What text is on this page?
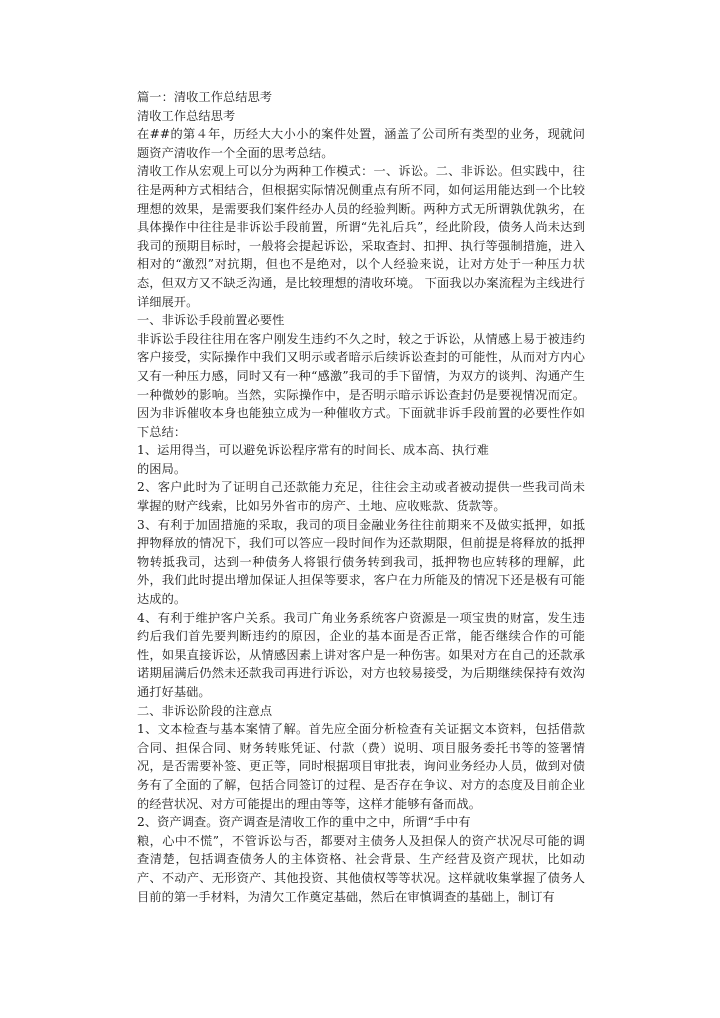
篇一：清收工作总结思考

清收工作总结思考

在##的第４年，历经大大小小的案件处置，涵盖了公司所有类型的业务，现就问题资产清收作一个全面的思考总结。

清收工作从宏观上可以分为两种工作模式：一、诉讼。二、非诉讼。但实践中，往往是两种方式相结合，但根据实际情况侧重点有所不同，如何运用能达到一个比较理想的效果，是需要我们案件经办人员的经验判断。两种方式无所谓孰优孰劣，在具体操作中往往是非诉讼手段前置，所谓“先礼后兵”，经此阶段，债务人尚未达到我司的预期目标时，一般将会提起诉讼，采取查封、扣押、执行等强制措施，进入相对的“激烈”对抗期，但也不是绝对，以个人经验来说，让对方处于一种压力状态，但双方又不缺乏沟通，是比较理想的清收环境。 下面我以办案流程为主线进行详细展开。

一、非诉讼手段前置必要性

非诉讼手段往往用在客户刚发生违约不久之时，较之于诉讼，从情感上易于被违约客户接受，实际操作中我们又明示或者暗示后续诉讼查封的可能性，从而对方内心又有一种压力感，同时又有一种“感激”我司的手下留情，为双方的谈判、沟通产生一种微妙的影响。当然，实际操作中，是否明示暗示诉讼查封仍是要视情况而定。因为非诉催收本身也能独立成为一种催收方式。下面就非诉手段前置的必要性作如下总结：

1、运用得当，可以避免诉讼程序常有的时间长、成本高、执行难

的困局。

2、客户此时为了证明自己还款能力充足，往往会主动或者被动提供一些我司尚未掌握的财产线索，比如另外省市的房产、土地、应收账款、货款等。

3、有利于加固措施的采取，我司的项目金融业务往往前期来不及做实抵押，如抵押物释放的情况下，我们可以答应一段时间作为还款期限，但前提是将释放的抵押物转抵我司，达到一种债务人将银行债务转到我司，抵押物也应转移的理解，此外，我们此时提出增加保证人担保等要求，客户在力所能及的情况下还是极有可能达成的。

4、有利于维护客户关系。我司广角业务系统客户资源是一项宝贵的财富，发生违约后我们首先要判断违约的原因，企业的基本面是否正常，能否继续合作的可能性，如果直接诉讼，从情感因素上讲对客户是一种伤害。如果对方在自己的还款承诺期届满后仍然未还款我司再进行诉讼，对方也较易接受，为后期继续保持有效沟通打好基础。

二、非诉讼阶段的注意点

1、文本检查与基本案情了解。首先应全面分析检查有关证据文本资料，包括借款合同、担保合同、财务转账凭证、付款（费）说明、项目服务委托书等的签署情况，是否需要补签、更正等，同时根据项目审批表，询问业务经办人员，做到对债务有了全面的了解，包括合同签订的过程、是否存在争议、对方的态度及目前企业的经营状况、对方可能提出的理由等等，这样才能够有备而战。

2、资产调查。资产调查是清收工作的重中之中，所谓“手中有

粮，心中不慌”，不管诉讼与否，都要对主债务人及担保人的资产状况尽可能的调查清楚，包括调查债务人的主体资格、社会背景、生产经营及资产现状，比如动产、不动产、无形资产、其他投资、其他债权等等状况。这样就收集掌握了债务人目前的第一手材料，为清欠工作奠定基础，然后在审慎调查的基础上，制订有
